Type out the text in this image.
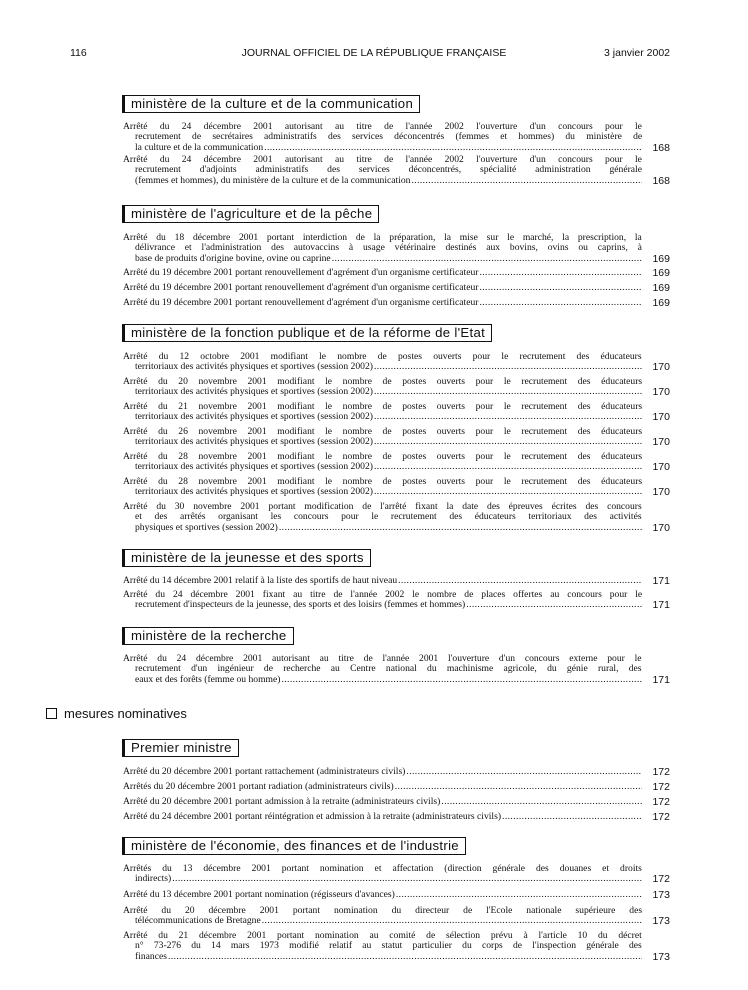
116	JOURNAL OFFICIEL DE LA RÉPUBLIQUE FRANÇAISE	3 janvier 2002
mesures nominatives
ministère de la culture et de la communication
Arrêté du 24 décembre 2001 autorisant au titre de l'année 2002 l'ouverture d'un concours pour le
recrutement de secrétaires administratifs des services déconcentrés (femmes et hommes) du ministère de
la culture et de la communication .....	168
Arrêté du 24 décembre 2001 autorisant au titre de l'année 2002 l'ouverture d'un concours pour le
recrutement d'adjoints administratifs des services déconcentrés, spécialité administration générale
(femmes et hommes), du ministère de la culture et de la communication .....	168
ministère de l'agriculture et de la pêche
Arrêté du 18 décembre 2001 portant interdiction de la préparation, la mise sur le marché, la prescription, la
délivrance et l'administration des autovaccins à usage vétérinaire destinés aux bovins, ovins ou caprins, à
base de produits d'origine bovine, ovine ou caprine .....	169
Arrêté du 19 décembre 2001 portant renouvellement d'agrément d'un organisme certificateur .....	169
Arrêté du 19 décembre 2001 portant renouvellement d'agrément d'un organisme certificateur .....	169
Arrêté du 19 décembre 2001 portant renouvellement d'agrément d'un organisme certificateur .....	169
ministère de la fonction publique et de la réforme de l'Etat
Arrêté du 12 octobre 2001 modifiant le nombre de postes ouverts pour le recrutement des éducateurs
territoriaux des activités physiques et sportives (session 2002) .....	170
Arrêté du 20 novembre 2001 modifiant le nombre de postes ouverts pour le recrutement des éducateurs
territoriaux des activités physiques et sportives (session 2002) .....	170
Arrêté du 21 novembre 2001 modifiant le nombre de postes ouverts pour le recrutement des éducateurs
territoriaux des activités physiques et sportives (session 2002) .....	170
Arrêté du 26 novembre 2001 modifiant le nombre de postes ouverts pour le recrutement des éducateurs
territoriaux des activités physiques et sportives (session 2002) .....	170
Arrêté du 28 novembre 2001 modifiant le nombre de postes ouverts pour le recrutement des éducateurs
territoriaux des activités physiques et sportives (session 2002) .....	170
Arrêté du 28 novembre 2001 modifiant le nombre de postes ouverts pour le recrutement des éducateurs
territoriaux des activités physiques et sportives (session 2002) .....	170
Arrêté du 30 novembre 2001 portant modification de l'arrêté fixant la date des épreuves écrites des concours
et des arrêtés organisant les concours pour le recrutement des éducateurs territoriaux des activités
physiques et sportives (session 2002) .....	170
ministère de la jeunesse et des sports
Arrêté du 14 décembre 2001 relatif à la liste des sportifs de haut niveau .....	171
Arrêté du 24 décembre 2001 fixant au titre de l'année 2002 le nombre de places offertes au concours pour le
recrutement d'inspecteurs de la jeunesse, des sports et des loisirs (femmes et hommes) .....	171
ministère de la recherche
Arrêté du 24 décembre 2001 autorisant au titre de l'année 2001 l'ouverture d'un concours externe pour le
recrutement d'un ingénieur de recherche au Centre national du machinisme agricole, du génie rural, des
eaux et des forêts (femme ou homme) .....	171
Premier ministre
Arrêté du 20 décembre 2001 portant rattachement (administrateurs civils) .....	172
Arrêtés du 20 décembre 2001 portant radiation (administrateurs civils) .....	172
Arrêté du 20 décembre 2001 portant admission à la retraite (administrateurs civils) .....	172
Arrêté du 24 décembre 2001 portant réintégration et admission à la retraite (administrateurs civils) .....	172
ministère de l'économie, des finances et de l'industrie
Arrêtés du 13 décembre 2001 portant nomination et affectation (direction générale des douanes et droits
indirects) .....	172
Arrêté du 13 décembre 2001 portant nomination (régisseurs d'avances) .....	173
Arrêté du 20 décembre 2001 portant nomination du directeur de l'Ecole nationale supérieure des
télécommunications de Bretagne .....	173
Arrêté du 21 décembre 2001 portant nomination au comité de sélection prévu à l'article 10 du décret
n° 73-276 du 14 mars 1973 modifié relatif au statut particulier du corps de l'inspection générale des
finances .....	173
